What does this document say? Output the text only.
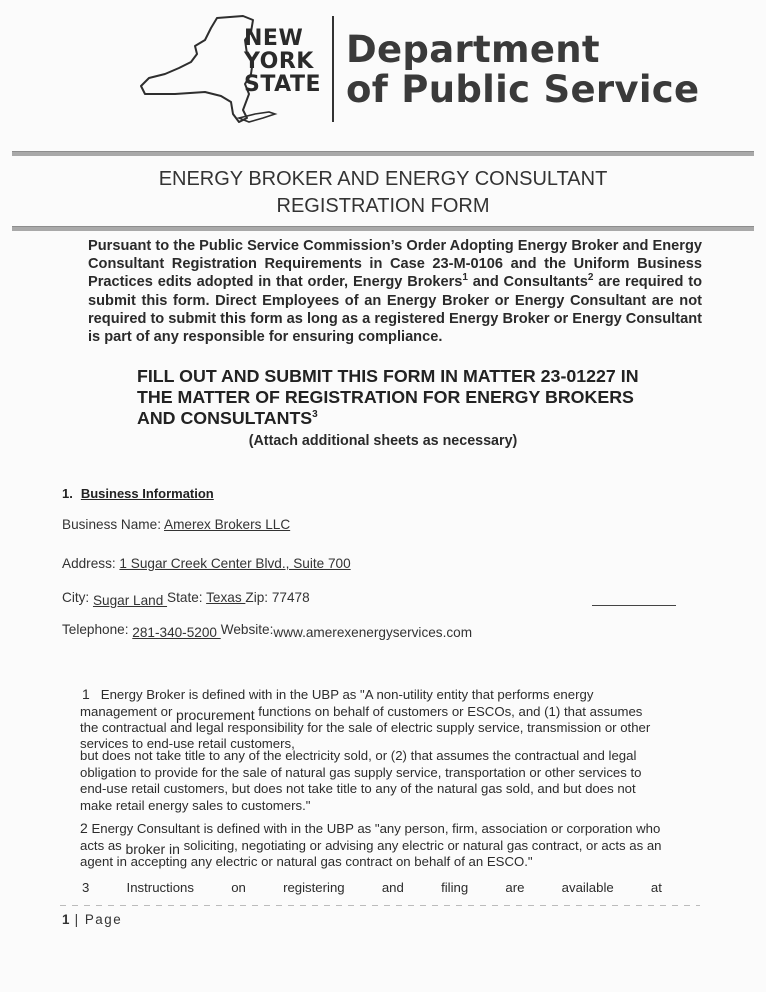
NEW
YORK
STATE
Department
of Public Service
ENERGY BROKER AND ENERGY CONSULTANT
REGISTRATION FORM
Pursuant to the Public Service Commission’s Order Adopting Energy Broker and Energy Consultant Registration Requirements in Case 23-M-0106 and the Uniform Business Practices edits adopted in that order, Energy Brokers$^1$ and Consultants$^2$ are required to submit this form. Direct Employees of an Energy Broker or Energy Consultant are not required to submit this form as long as a registered Energy Broker or Energy Consultant is part of any responsible for ensuring compliance.
FILL OUT AND SUBMIT THIS FORM IN MATTER 23-01227 IN
THE MATTER OF REGISTRATION FOR ENERGY BROKERS
AND CONSULTANTS$^3$
(Attach additional sheets as necessary)
1. Business Information
Business Name: Amerex Brokers LLC
Address: 1 Sugar Creek Center Blvd., Suite 700
City: Sugar Land State: Texas Zip: 77478
Telephone: 281-340-5200 Website:www.amerexenergyservices.com
1 Energy Broker is defined with in the UBP as "A non-utility entity that performs energy
management or procurement functions on behalf of customers or ESCOs, and (1) that assumes
the contractual and legal responsibility for the sale of electric supply service, transmission or other
services to end-use retail customers,
but does not take title to any of the electricity sold, or (2) that assumes the contractual and legal
obligation to provide for the sale of natural gas supply service, transportation or other services to
end-use retail customers, but does not take title to any of the natural gas sold, and but does not
make retail energy sales to customers."
2 Energy Consultant is defined with in the UBP as "any person, firm, association or corporation who
acts as broker in soliciting, negotiating or advising any electric or natural gas contract, or acts as an
agent in accepting any electric or natural gas contract on behalf of an ESCO."
3	Instructions	on	registering	and	filing	are	available	at
1 | Page
